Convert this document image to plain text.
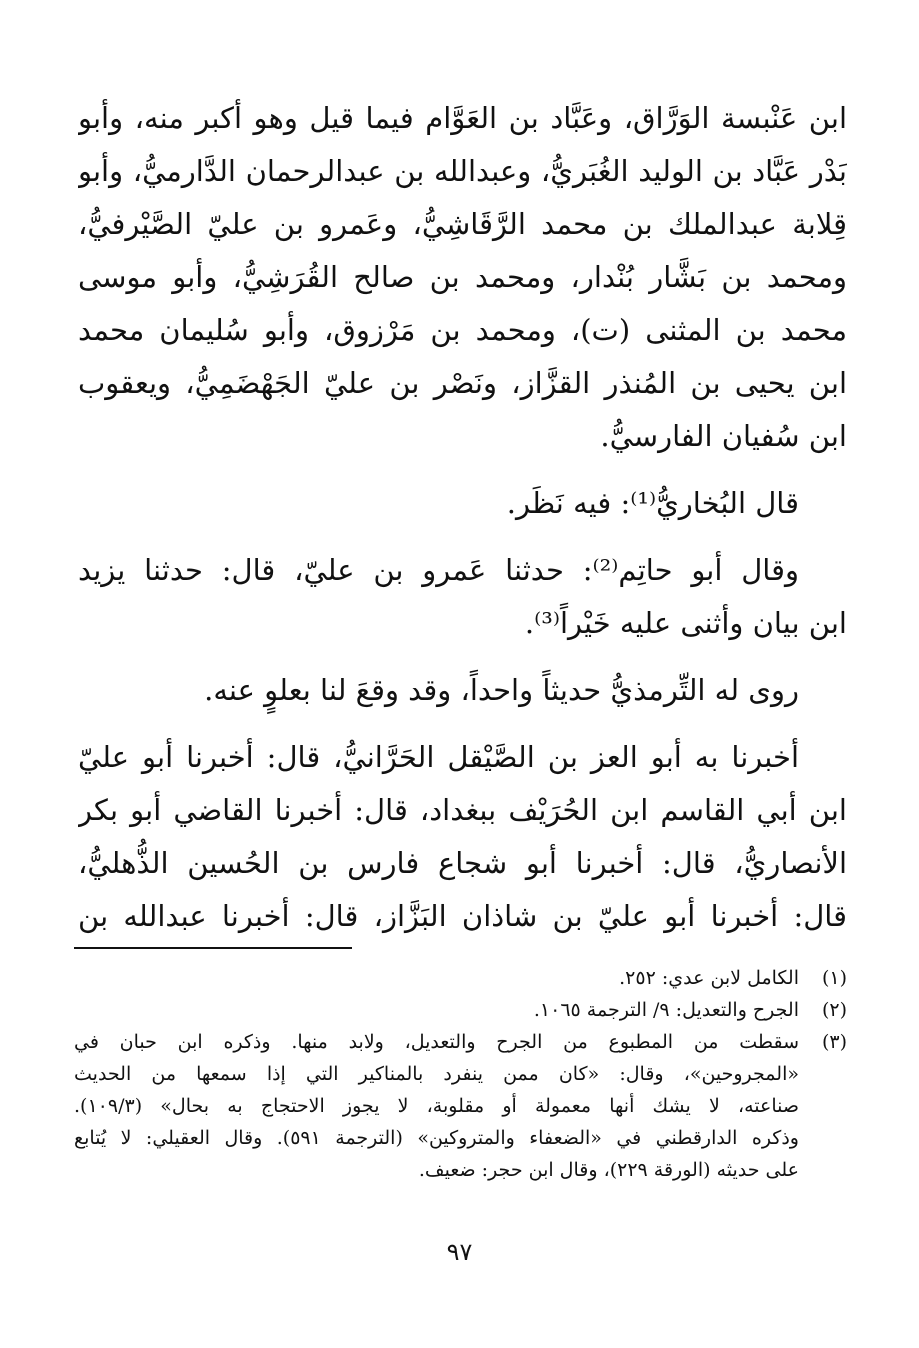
ابن عَنْبسة الوَرَّاق، وعَبَّاد بن العَوَّام فيما قيل وهو أكبر منه، وأبو
بَدْر عَبَّاد بن الوليد الغُبَريُّ، وعبدالله بن عبدالرحمان الدَّارميُّ، وأبو
قِلابة عبدالملك بن محمد الرَّقَاشِيُّ، وعَمرو بن عليّ الصَّيْرفيُّ،
ومحمد بن بَشَّار بُنْدار، ومحمد بن صالح القُرَشِيُّ، وأبو موسى
محمد بن المثنى (ت)، ومحمد بن مَرْزوق، وأبو سُليمان محمد
ابن يحيى بن المُنذر القزَّاز، ونَصْر بن عليّ الجَهْضَمِيُّ، ويعقوب
ابن سُفيان الفارسيُّ.
قال البُخاريُّ⁽¹⁾: فيه نَظَر.
وقال أبو حاتِم⁽²⁾: حدثنا عَمرو بن عليّ، قال: حدثنا يزيد
ابن بيان وأثنى عليه خَيْراً⁽³⁾.
روى له التِّرمذيُّ حديثاً واحداً، وقد وقعَ لنا بعلوٍ عنه.
أخبرنا به أبو العز بن الصَّيْقل الحَرَّانيُّ، قال: أخبرنا أبو عليّ
ابن أبي القاسم ابن الحُرَيْف ببغداد، قال: أخبرنا القاضي أبو بكر
الأنصاريُّ، قال: أخبرنا أبو شجاع فارس بن الحُسين الذُّهليُّ،
قال: أخبرنا أبو عليّ بن شاذان البَزَّاز، قال: أخبرنا عبدالله بن
(١)
الكامل لابن عدي: ٢٥٢.
(٢)
الجرح والتعديل: ٩/ الترجمة ١٠٦٥.
(٣)
سقطت من المطبوع من الجرح والتعديل، ولابد منها. وذكره ابن حبان في
«المجروحين»، وقال: «كان ممن ينفرد بالمناكير التي إذا سمعها من الحديث
صناعته، لا يشك أنها معمولة أو مقلوبة، لا يجوز الاحتجاج به بحال» (١٠٩/٣).
وذكره الدارقطني في «الضعفاء والمتروكين» (الترجمة ٥٩١). وقال العقيلي: لا يُتابع
على حديثه (الورقة ٢٢٩)، وقال ابن حجر: ضعيف.
٩٧
